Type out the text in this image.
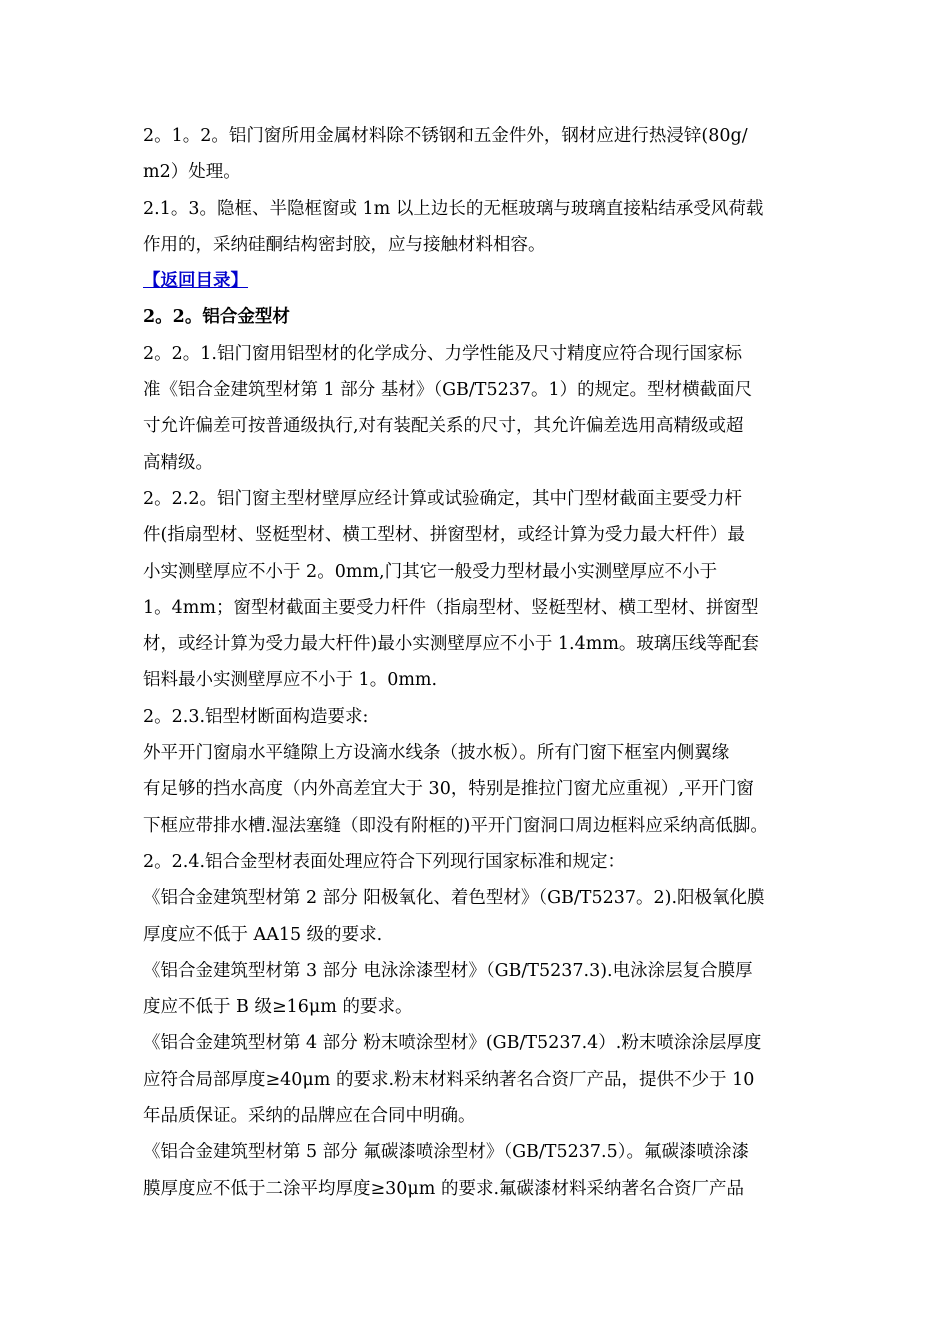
2。1。2。铝门窗所用金属材料除不锈钢和五金件外，钢材应进行热浸锌(80g/
m2）处理。
2.1。3。隐框、半隐框窗或 1m 以上边长的无框玻璃与玻璃直接粘结承受风荷载
作用的，采纳硅酮结构密封胶，应与接触材料相容。
【返回目录】
2。2。铝合金型材
2。2。1.铝门窗用铝型材的化学成分、力学性能及尺寸精度应符合现行国家标
准《铝合金建筑型材第 1 部分 基材》（GB/T5237。1）的规定。型材横截面尺
寸允许偏差可按普通级执行,对有装配关系的尺寸，其允许偏差选用高精级或超
高精级。
2。2.2。铝门窗主型材壁厚应经计算或试验确定，其中门型材截面主要受力杆
件(指扇型材、竖梃型材、横工型材、拼窗型材，或经计算为受力最大杆件）最
小实测壁厚应不小于 2。0mm,门其它一般受力型材最小实测壁厚应不小于
1。4mm；窗型材截面主要受力杆件（指扇型材、竖梃型材、横工型材、拼窗型
材，或经计算为受力最大杆件)最小实测壁厚应不小于 1.4mm。玻璃压线等配套
铝料最小实测壁厚应不小于 1。0mm.
2。2.3.铝型材断面构造要求:
外平开门窗扇水平缝隙上方设滴水线条（披水板）。所有门窗下框室内侧翼缘
有足够的挡水高度（内外高差宜大于 30，特别是推拉门窗尤应重视）,平开门窗
下框应带排水槽.湿法塞缝（即没有附框的)平开门窗洞口周边框料应采纳高低脚。
2。2.4.铝合金型材表面处理应符合下列现行国家标准和规定：
《铝合金建筑型材第 2 部分 阳极氧化、着色型材》（GB/T5237。2).阳极氧化膜
厚度应不低于 AA15 级的要求.
《铝合金建筑型材第 3 部分 电泳涂漆型材》（GB/T5237.3).电泳涂层复合膜厚
度应不低于 B 级≥16μm 的要求。
《铝合金建筑型材第 4 部分 粉末喷涂型材》(GB/T5237.4）.粉末喷涂涂层厚度
应符合局部厚度≥40μm 的要求.粉末材料采纳著名合资厂产品，提供不少于 10
年品质保证。采纳的品牌应在合同中明确。
《铝合金建筑型材第 5 部分 氟碳漆喷涂型材》（GB/T5237.5）。氟碳漆喷涂漆
膜厚度应不低于二涂平均厚度≥30μm 的要求.氟碳漆材料采纳著名合资厂产品
